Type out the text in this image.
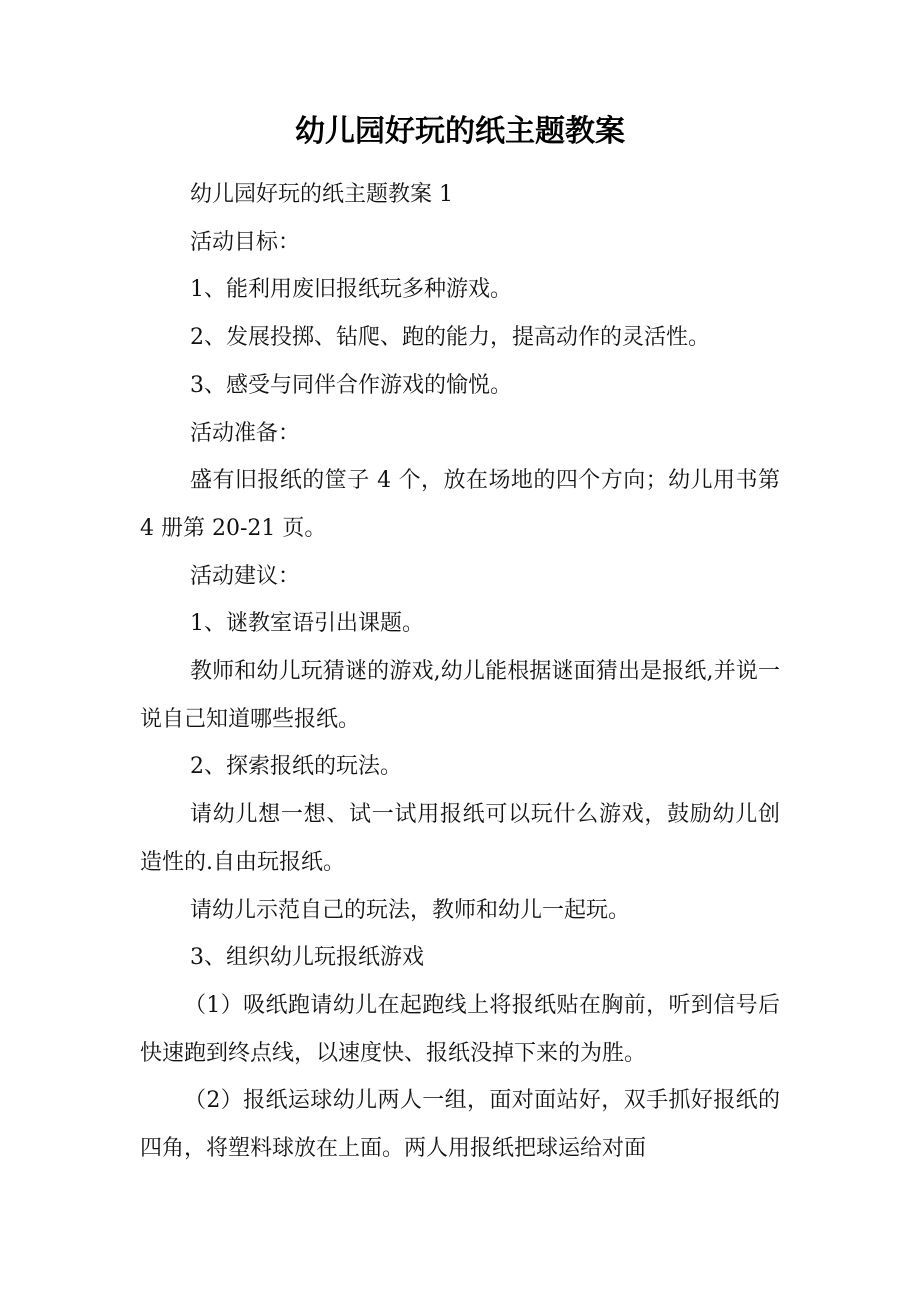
幼儿园好玩的纸主题教案

幼儿园好玩的纸主题教案 1

活动目标：

1、能利用废旧报纸玩多种游戏。

2、发展投掷、钻爬、跑的能力，提高动作的灵活性。

3、感受与同伴合作游戏的愉悦。

活动准备：

盛有旧报纸的筐子 4 个，放在场地的四个方向；幼儿用书第 4 册第 20-21 页。

活动建议：

1、谜教室语引出课题。

教师和幼儿玩猜谜的游戏,幼儿能根据谜面猜出是报纸,并说一说自己知道哪些报纸。

2、探索报纸的玩法。

请幼儿想一想、试一试用报纸可以玩什么游戏，鼓励幼儿创造性的.自由玩报纸。

请幼儿示范自己的玩法，教师和幼儿一起玩。

3、组织幼儿玩报纸游戏

（1）吸纸跑请幼儿在起跑线上将报纸贴在胸前，听到信号后快速跑到终点线，以速度快、报纸没掉下来的为胜。

（2）报纸运球幼儿两人一组，面对面站好，双手抓好报纸的四角，将塑料球放在上面。两人用报纸把球运给对面
